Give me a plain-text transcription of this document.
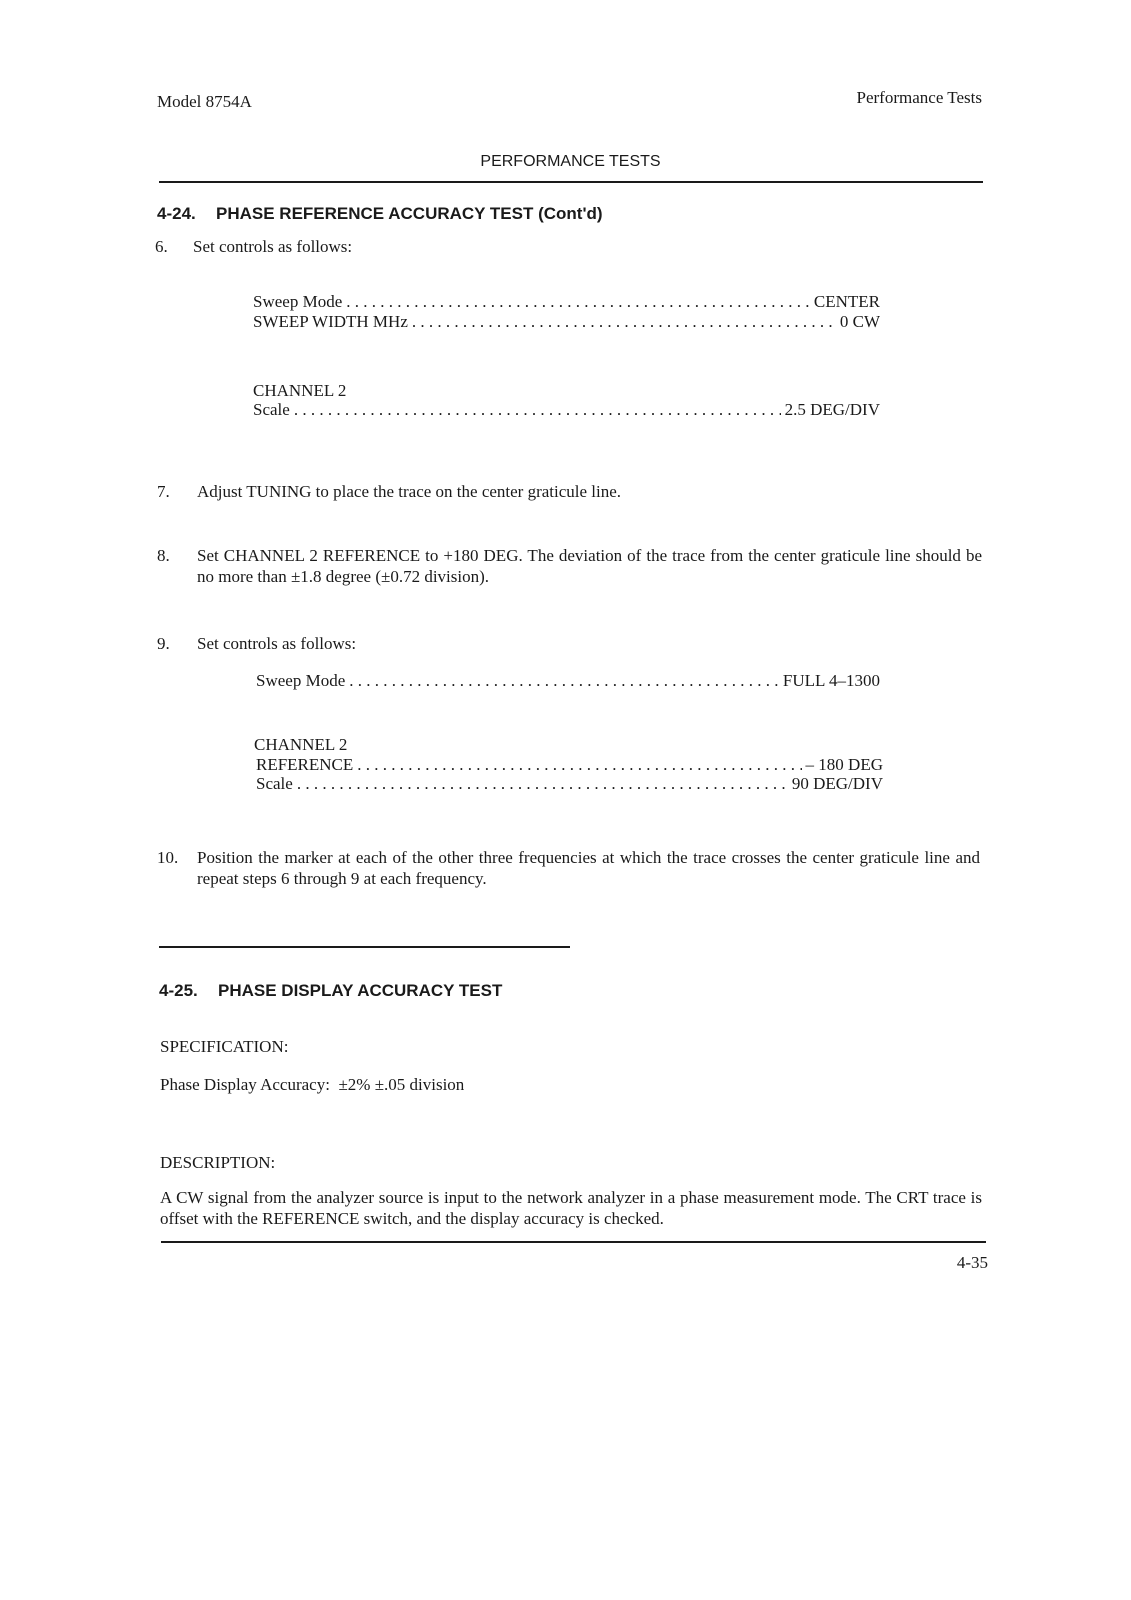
Model 8754A	Performance Tests
PERFORMANCE TESTS
4-24. PHASE REFERENCE ACCURACY TEST (Cont'd)
6. Set controls as follows:
Sweep Mode . . .	CENTER
SWEEP WIDTH MHz . . .	0 CW
CHANNEL 2
Scale . . .	2.5 DEG/DIV
7. Adjust TUNING to place the trace on the center graticule line.
8. Set CHANNEL 2 REFERENCE to +180 DEG. The deviation of the trace from the center graticule line should be no more than ±1.8 degree (±0.72 division).
9. Set controls as follows:
Sweep Mode . . .	FULL 4–1300
CHANNEL 2
REFERENCE . . .	– 180 DEG
Scale . . .	90 DEG/DIV
10. Position the marker at each of the other three frequencies at which the trace crosses the center graticule line and repeat steps 6 through 9 at each frequency.
4-25. PHASE DISPLAY ACCURACY TEST
SPECIFICATION:
Phase Display Accuracy:  ±2% ±.05 division
DESCRIPTION:
A CW signal from the analyzer source is input to the network analyzer in a phase measurement mode. The CRT trace is offset with the REFERENCE switch, and the display accuracy is checked.
4-35
